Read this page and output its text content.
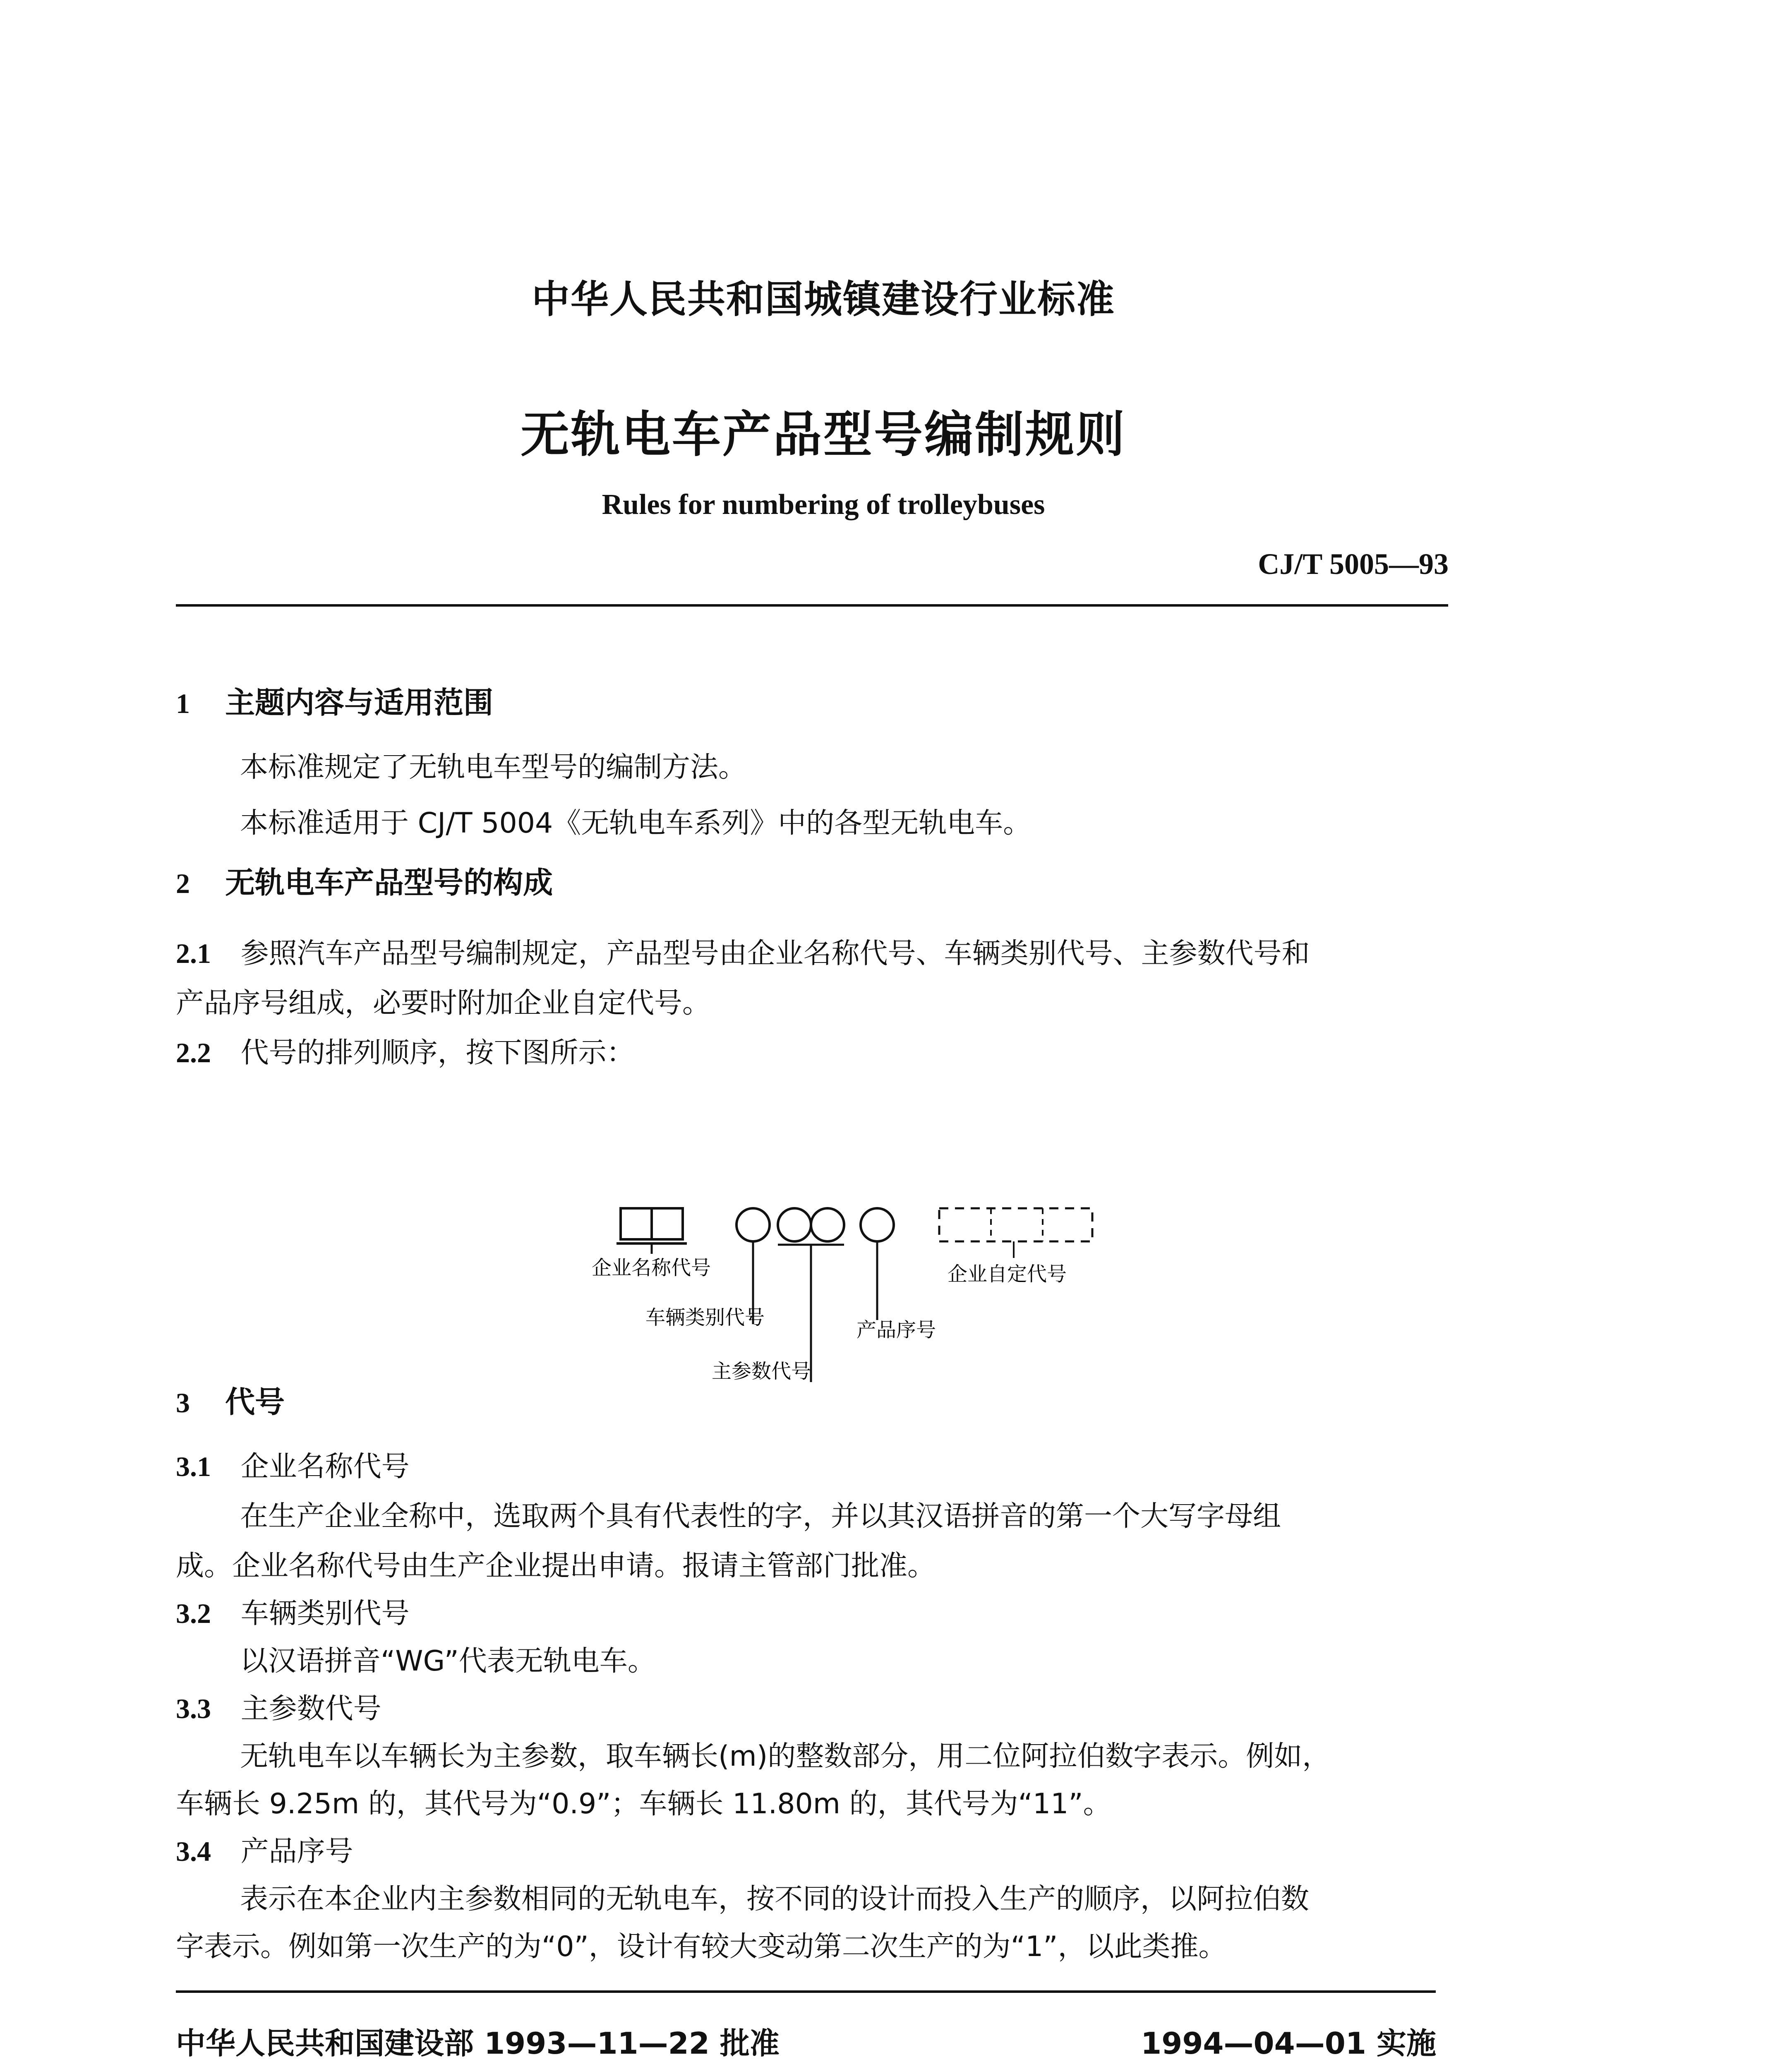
中华人民共和国城镇建设行业标准
无轨电车产品型号编制规则
Rules for numbering of trolleybuses
CJ/T 5005—93
1 主题内容与适用范围
本标准规定了无轨电车型号的编制方法。
本标准适用于 CJ/T 5004《无轨电车系列》中的各型无轨电车。
2 无轨电车产品型号的构成
2.1 参照汽车产品型号编制规定，产品型号由企业名称代号、车辆类别代号、主参数代号和
产品序号组成，必要时附加企业自定代号。
2.2 代号的排列顺序，按下图所示：
企业名称代号
车辆类别代号
主参数代号
产品序号
企业自定代号
3 代号
3.1 企业名称代号
在生产企业全称中，选取两个具有代表性的字，并以其汉语拼音的第一个大写字母组
成。企业名称代号由生产企业提出申请。报请主管部门批准。
3.2 车辆类别代号
以汉语拼音“WG”代表无轨电车。
3.3 主参数代号
无轨电车以车辆长为主参数，取车辆长(m)的整数部分，用二位阿拉伯数字表示。例如，
车辆长 9.25m 的，其代号为“0.9”；车辆长 11.80m 的，其代号为“11”。
3.4 产品序号
表示在本企业内主参数相同的无轨电车，按不同的设计而投入生产的顺序，以阿拉伯数
字表示。例如第一次生产的为“0”，设计有较大变动第二次生产的为“1”，以此类推。
中华人民共和国建设部 1993—11—22 批准	1994—04—01 实施
